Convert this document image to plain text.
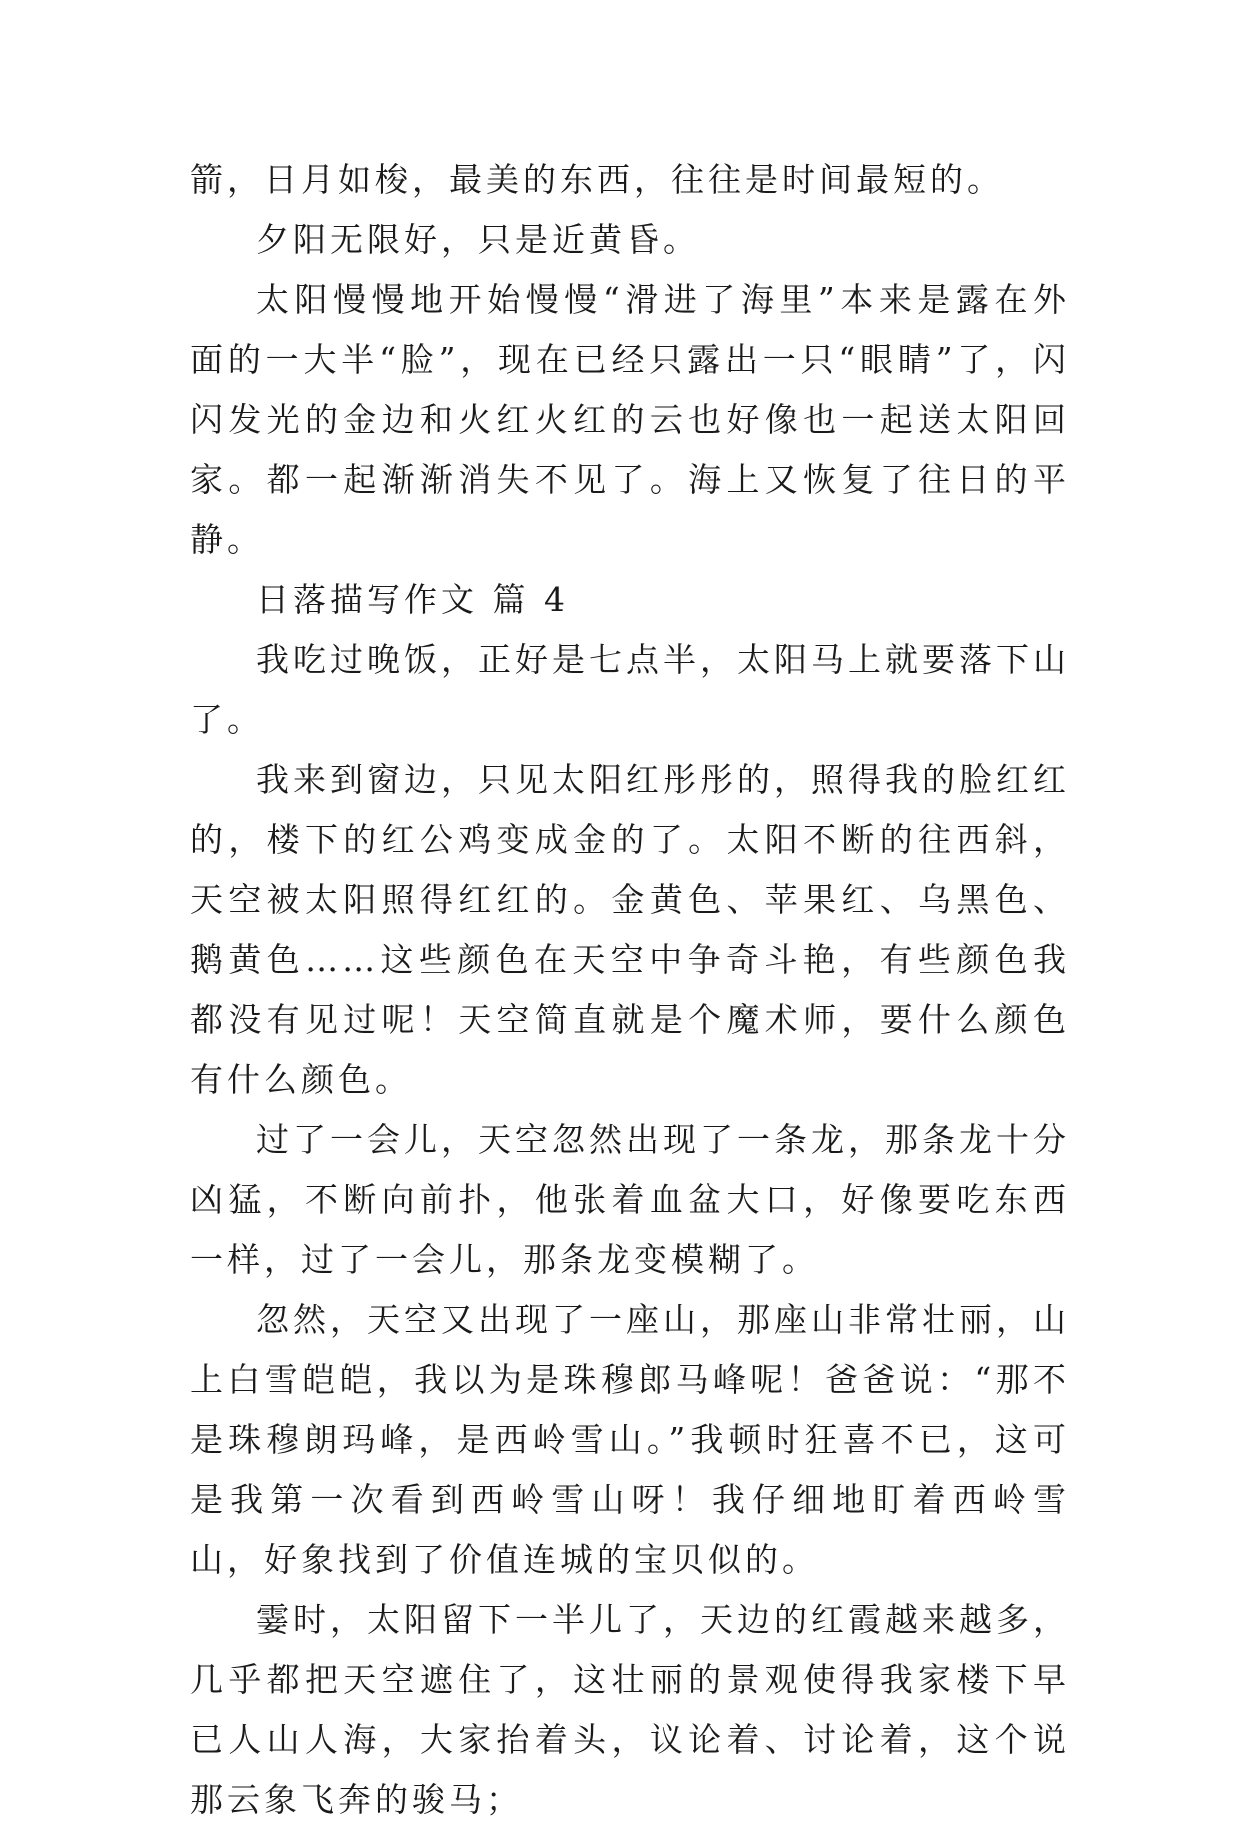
箭，日月如梭，最美的东西，往往是时间最短的。

夕阳无限好，只是近黄昏。

太阳慢慢地开始慢慢“滑进了海里”本来是露在外面的一大半“脸”，现在已经只露出一只“眼睛”了，闪闪发光的金边和火红火红的云也好像也一起送太阳回家。都一起渐渐消失不见了。海上又恢复了往日的平静。

日落描写作文 篇 4

我吃过晚饭，正好是七点半，太阳马上就要落下山了。

我来到窗边，只见太阳红彤彤的，照得我的脸红红的，楼下的红公鸡变成金的了。太阳不断的往西斜，天空被太阳照得红红的。金黄色、苹果红、乌黑色、鹅黄色……这些颜色在天空中争奇斗艳，有些颜色我都没有见过呢！天空简直就是个魔术师，要什么颜色有什么颜色。

过了一会儿，天空忽然出现了一条龙，那条龙十分凶猛，不断向前扑，他张着血盆大口，好像要吃东西一样，过了一会儿，那条龙变模糊了。

忽然，天空又出现了一座山，那座山非常壮丽，山上白雪皑皑，我以为是珠穆郎马峰呢！爸爸说：“那不是珠穆朗玛峰，是西岭雪山。”我顿时狂喜不已，这可是我第一次看到西岭雪山呀！我仔细地盯着西岭雪山，好象找到了价值连城的宝贝似的。

霎时，太阳留下一半儿了，天边的红霞越来越多，几乎都把天空遮住了，这壮丽的景观使得我家楼下早已人山人海，大家抬着头，议论着、讨论着，这个说那云象飞奔的骏马；
